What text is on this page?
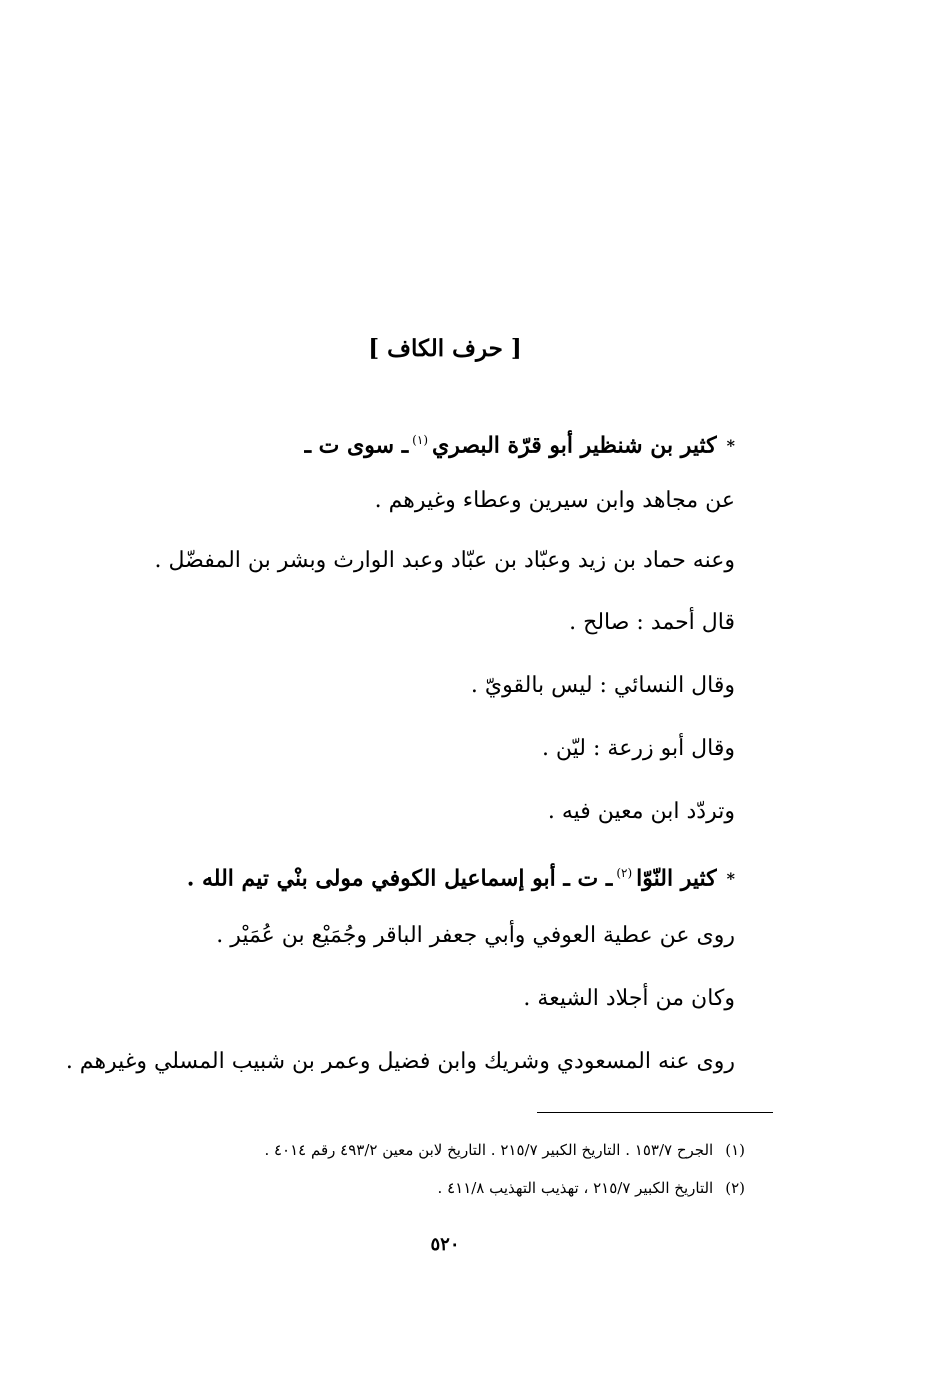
[ حرف الكاف ]
*كثير بن شنظير أبو قرّة البصري$^{(١)}$ـ سوى ت ـ
عن مجاهد وابن سيرين وعطاء وغيرهم .
وعنه حماد بن زيد وعبّاد بن عبّاد وعبد الوارث وبشر بن المفضّل .
قال أحمد : صالح .
وقال النسائي : ليس بالقويّ .
وقال أبو زرعة : ليّن .
وتردّد ابن معين فيه .
*كثير النّوّا$^{(٢)}$ـ ت ـ أبو إسماعيل الكوفي مولى بنْي تيم الله .
روى عن عطية العوفي وأبي جعفر الباقر وجُمَيْع بن عُمَيْر .
وكان من أجلاد الشيعة .
روى عنه المسعودي وشريك وابن فضيل وعمر بن شبيب المسلي وغيرهم .
(١)الجرح ١٥٣/٧ . التاريخ الكبير ٢١٥/٧ . التاريخ لابن معين ٤٩٣/٢ رقم ٤٠١٤ .
(٢)التاريخ الكبير ٢١٥/٧ ، تهذيب التهذيب ٤١١/٨ .
٥٢٠
